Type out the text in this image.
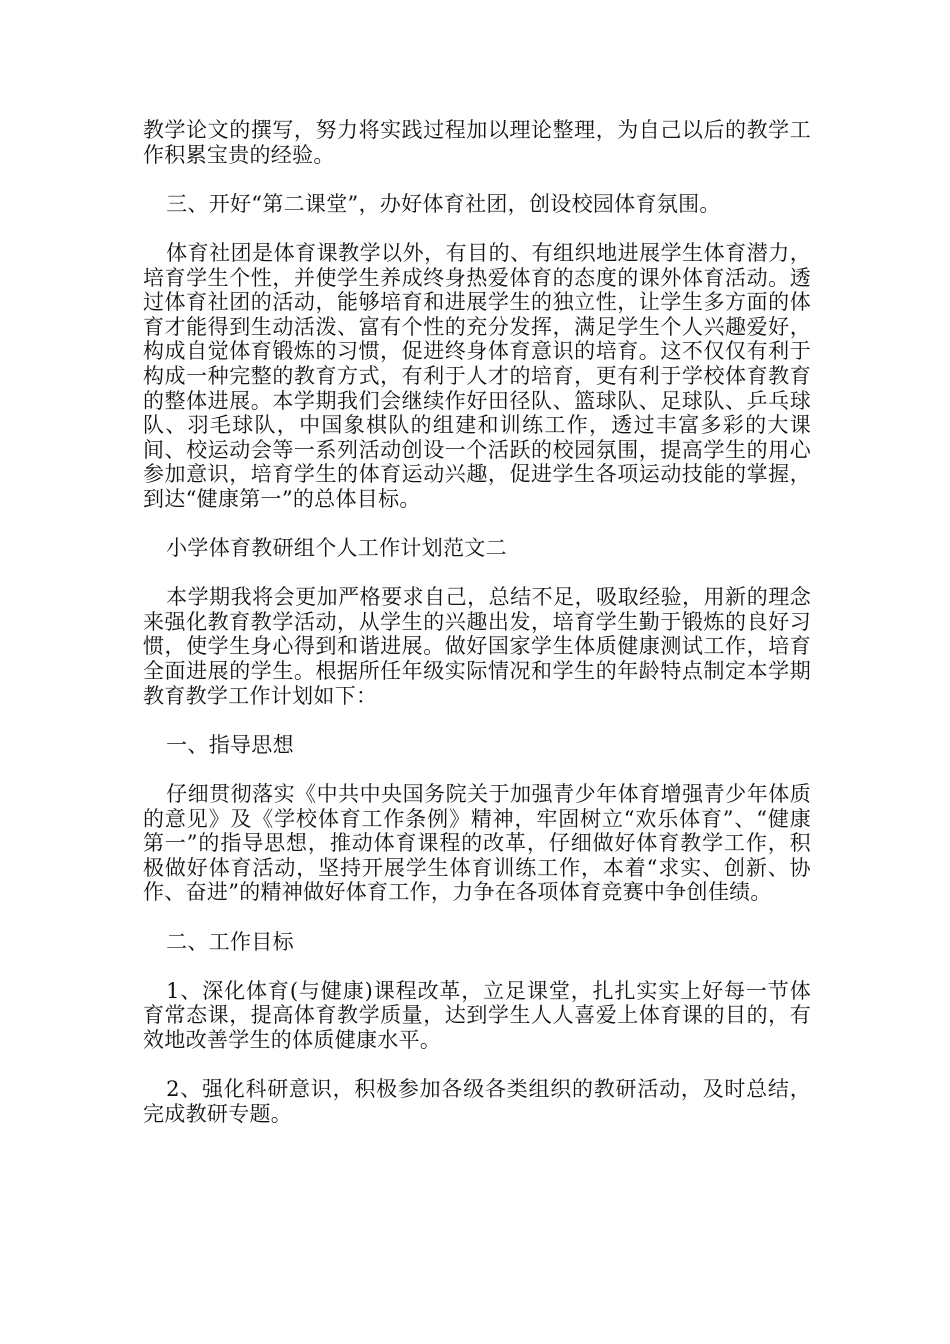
教学论文的撰写，努力将实践过程加以理论整理，为自己以后的教学工作积累宝贵的经验。

三、开好“第二课堂”，办好体育社团，创设校园体育氛围。

体育社团是体育课教学以外，有目的、有组织地进展学生体育潜力，培育学生个性，并使学生养成终身热爱体育的态度的课外体育活动。透过体育社团的活动，能够培育和进展学生的独立性，让学生多方面的体育才能得到生动活泼、富有个性的充分发挥，满足学生个人兴趣爱好，构成自觉体育锻炼的习惯，促进终身体育意识的培育。这不仅仅有利于构成一种完整的教育方式，有利于人才的培育，更有利于学校体育教育的整体进展。本学期我们会继续作好田径队、篮球队、足球队、乒乓球队、羽毛球队，中国象棋队的组建和训练工作，透过丰富多彩的大课间、校运动会等一系列活动创设一个活跃的校园氛围，提高学生的用心参加意识，培育学生的体育运动兴趣，促进学生各项运动技能的掌握，到达“健康第一”的总体目标。

小学体育教研组个人工作计划范文二

本学期我将会更加严格要求自己，总结不足，吸取经验，用新的理念来强化教育教学活动，从学生的兴趣出发，培育学生勤于锻炼的良好习惯，使学生身心得到和谐进展。做好国家学生体质健康测试工作，培育全面进展的学生。根据所任年级实际情况和学生的年龄特点制定本学期教育教学工作计划如下：

一、指导思想

仔细贯彻落实《中共中央国务院关于加强青少年体育增强青少年体质的意见》及《学校体育工作条例》精神，牢固树立“欢乐体育”、“健康第一”的指导思想，推动体育课程的改革，仔细做好体育教学工作，积极做好体育活动，坚持开展学生体育训练工作，本着“求实、创新、协作、奋进”的精神做好体育工作，力争在各项体育竞赛中争创佳绩。

二、工作目标

1、深化体育(与健康)课程改革，立足课堂，扎扎实实上好每一节体育常态课，提高体育教学质量，达到学生人人喜爱上体育课的目的，有效地改善学生的体质健康水平。

2、强化科研意识，积极参加各级各类组织的教研活动，及时总结，完成教研专题。
